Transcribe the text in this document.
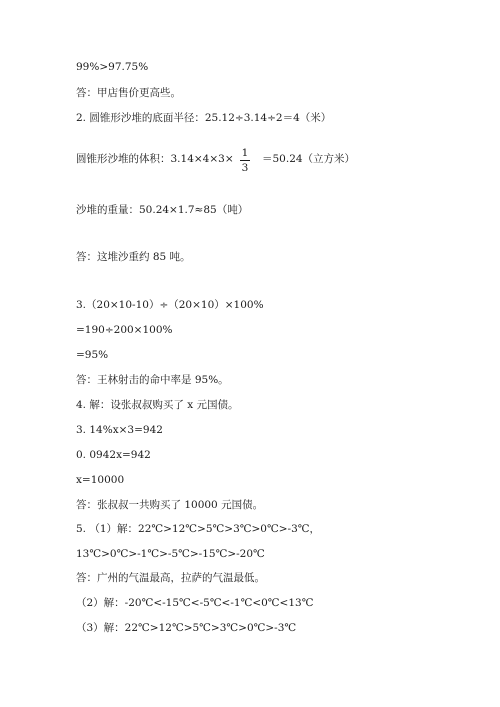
99%>97.75%
答：甲店售价更高些。
2. 圆锥形沙堆的底面半径：25.12÷3.14÷2＝4（米）
圆锥形沙堆的体积：3.14×4×3× 1
3
＝50.24（立方米）
沙堆的重量：50.24×1.7≈85（吨）
答：这堆沙重约 85 吨。
3.（20×10-10）÷（20×10）×100%
=190÷200×100%
=95%
答：王林射击的命中率是 95%。
4. 解：设张叔叔购买了 x 元国债。
3. 14%x×3=942
0. 0942x=942
x=10000
答：张叔叔一共购买了 10000 元国债。
5. （1）解：22℃>12℃>5℃>3℃>0℃>-3℃，
13℃>0℃>-1℃>-5℃>-15℃>-20℃
答：广州的气温最高，拉萨的气温最低。
（2）解：-20℃<-15℃<-5℃<-1℃<0℃<13℃
（3）解：22℃>12℃>5℃>3℃>0℃>-3℃
